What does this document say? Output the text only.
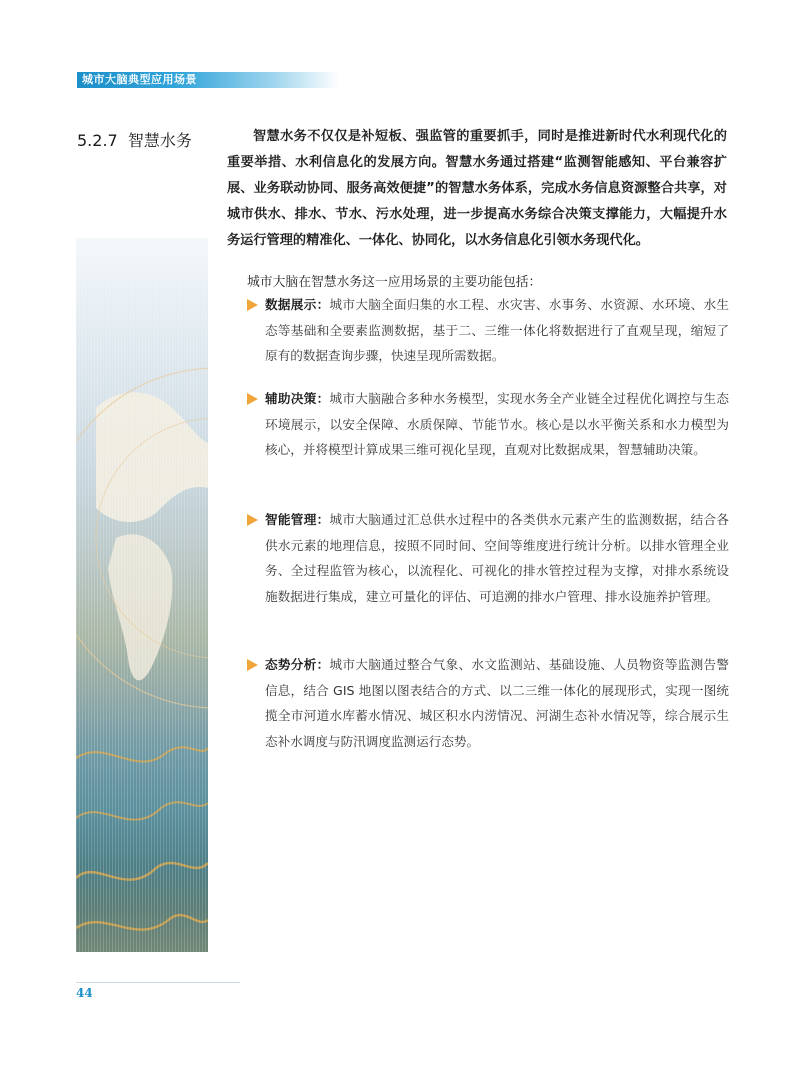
城市大脑典型应用场景
5.2.7 智慧水务	智慧水务不仅仅是补短板、强监管的重要抓手，同时是推进新时代水利现代化的重要举措、水利信息化的发展方向。智慧水务通过搭建“监测智能感知、平台兼容扩展、业务联动协同、服务高效便捷”的智慧水务体系，完成水务信息资源整合共享，对城市供水、排水、节水、污水处理，进一步提高水务综合决策支撑能力，大幅提升水务运行管理的精准化、一体化、协同化，以水务信息化引领水务现代化。

城市大脑在智慧水务这一应用场景的主要功能包括：
数据展示：城市大脑全面归集的水工程、水灾害、水事务、水资源、水环境、水生态等基础和全要素监测数据，基于二、三维一体化将数据进行了直观呈现，缩短了原有的数据查询步骤，快速呈现所需数据。
辅助决策：城市大脑融合多种水务模型，实现水务全产业链全过程优化调控与生态环境展示，以安全保障、水质保障、节能节水。核心是以水平衡关系和水力模型为核心，并将模型计算成果三维可视化呈现，直观对比数据成果，智慧辅助决策。
智能管理：城市大脑通过汇总供水过程中的各类供水元素产生的监测数据，结合各供水元素的地理信息，按照不同时间、空间等维度进行统计分析。以排水管理全业务、全过程监管为核心，以流程化、可视化的排水管控过程为支撑，对排水系统设施数据进行集成，建立可量化的评估、可追溯的排水户管理、排水设施养护管理。
态势分析：城市大脑通过整合气象、水文监测站、基础设施、人员物资等监测告警信息，结合 GIS 地图以图表结合的方式、以二三维一体化的展现形式，实现一图统揽全市河道水库蓄水情况、城区积水内涝情况、河湖生态补水情况等，综合展示生态补水调度与防汛调度监测运行态势。
44
